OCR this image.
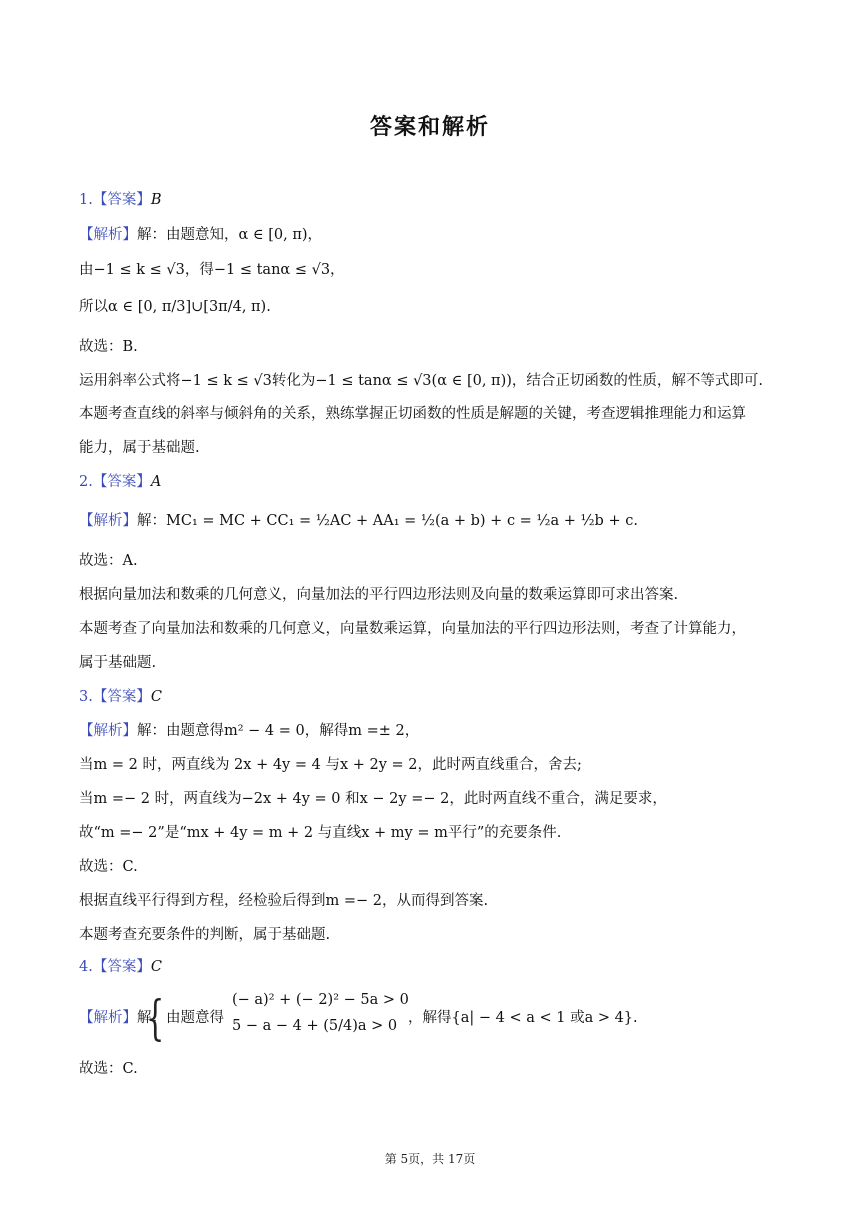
答案和解析
1.【答案】B
【解析】解：由题意知，α ∈ [0, π)，
由−1 ≤ k ≤ √3，得−1 ≤ tanα ≤ √3，
所以α ∈ [0, π/3]∪[3π/4, π).
故选：B.
运用斜率公式将−1 ≤ k ≤ √3转化为−1 ≤ tanα ≤ √3(α ∈ [0, π))，结合正切函数的性质，解不等式即可.
本题考查直线的斜率与倾斜角的关系，熟练掌握正切函数的性质是解题的关键，考查逻辑推理能力和运算
能力，属于基础题.
2.【答案】A
【解析】解：MC₁ = MC + CC₁ = ½AC + AA₁ = ½(a + b) + c = ½a + ½b + c.
故选：A.
根据向量加法和数乘的几何意义，向量加法的平行四边形法则及向量的数乘运算即可求出答案.
本题考查了向量加法和数乘的几何意义，向量数乘运算，向量加法的平行四边形法则，考查了计算能力，
属于基础题.
3.【答案】C
【解析】解：由题意得m² − 4 = 0，解得m =± 2，
当m = 2 时，两直线为 2x + 4y = 4 与x + 2y = 2，此时两直线重合，舍去;
当m =− 2 时，两直线为−2x + 4y = 0 和x − 2y =− 2，此时两直线不重合，满足要求，
故“m =− 2”是“mx + 4y = m + 2 与直线x + my = m平行”的充要条件.
故选：C.
根据直线平行得到方程，经检验后得到m =− 2，从而得到答案.
本题考查充要条件的判断，属于基础题.
4.【答案】C
【解析】解：由题意得
{	(− a)² + (− 2)² − 5a > 0
5 − a − 4 + (5/4)a > 0 ，解得{a| − 4 < a < 1 或a > 4}.
故选：C.
第 5页，共 17页
